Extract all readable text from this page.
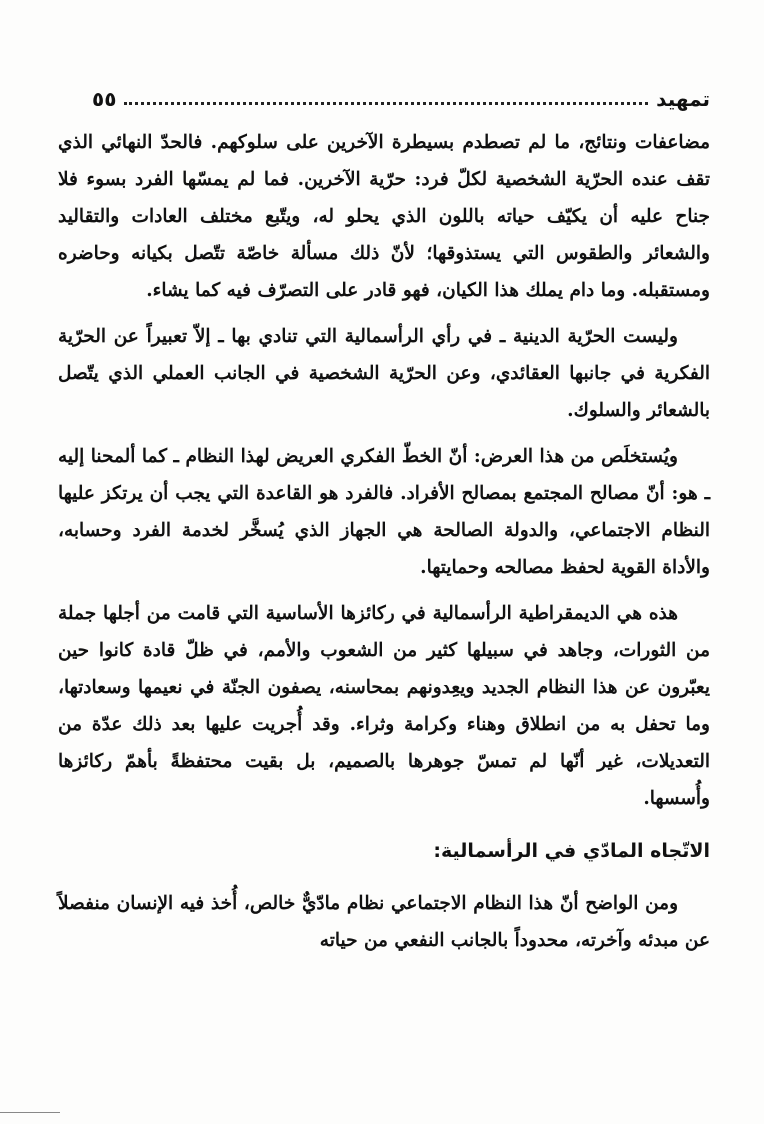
تمهيد
٥٥

مضاعفات ونتائج، ما لم تصطدم بسيطرة الآخرين على سلوكهم. فالحدّ النهائي الذي تقف عنده الحرّية الشخصية لكلّ فرد: حرّية الآخرين. فما لم يمسّها الفرد بسوء فلا جناح عليه أن يكيّف حياته باللون الذي يحلو له، ويتّبع مختلف العادات والتقاليد والشعائر والطقوس التي يستذوقها؛ لأنّ ذلك مسألة خاصّة تتّصل بكيانه وحاضره ومستقبله. وما دام يملك هذا الكيان، فهو قادر على التصرّف فيه كما يشاء.

وليست الحرّية الدينية ـ في رأي الرأسمالية التي تنادي بها ـ إلاّ تعبيراً عن الحرّية الفكرية في جانبها العقائدي، وعن الحرّية الشخصية في الجانب العملي الذي يتّصل بالشعائر والسلوك.

ويُستخلَص من هذا العرض: أنّ الخطّ الفكري العريض لهذا النظام ـ كما ألمحنا إليه ـ هو: أنّ مصالح المجتمع بمصالح الأفراد. فالفرد هو القاعدة التي يجب أن يرتكز عليها النظام الاجتماعي، والدولة الصالحة هي الجهاز الذي يُسخَّر لخدمة الفرد وحسابه، والأداة القوية لحفظ مصالحه وحمايتها.

هذه هي الديمقراطية الرأسمالية في ركائزها الأساسية التي قامت من أجلها جملة من الثورات، وجاهد في سبيلها كثير من الشعوب والأمم، في ظلّ قادة كانوا حين يعبّرون عن هذا النظام الجديد ويعِدونهم بمحاسنه، يصفون الجنّة في نعيمها وسعادتها، وما تحفل به من انطلاق وهناء وكرامة وثراء. وقد أُجريت عليها بعد ذلك عدّة من التعديلات، غير أنّها لم تمسّ جوهرها بالصميم، بل بقيت محتفظةً بأهمّ ركائزها وأُسسها.

الاتّجاه المادّي في الرأسمالية:

ومن الواضح أنّ هذا النظام الاجتماعي نظام مادّيٌّ خالص، أُخذ فيه الإنسان منفصلاً عن مبدئه وآخرته، محدوداً بالجانب النفعي من حياته
